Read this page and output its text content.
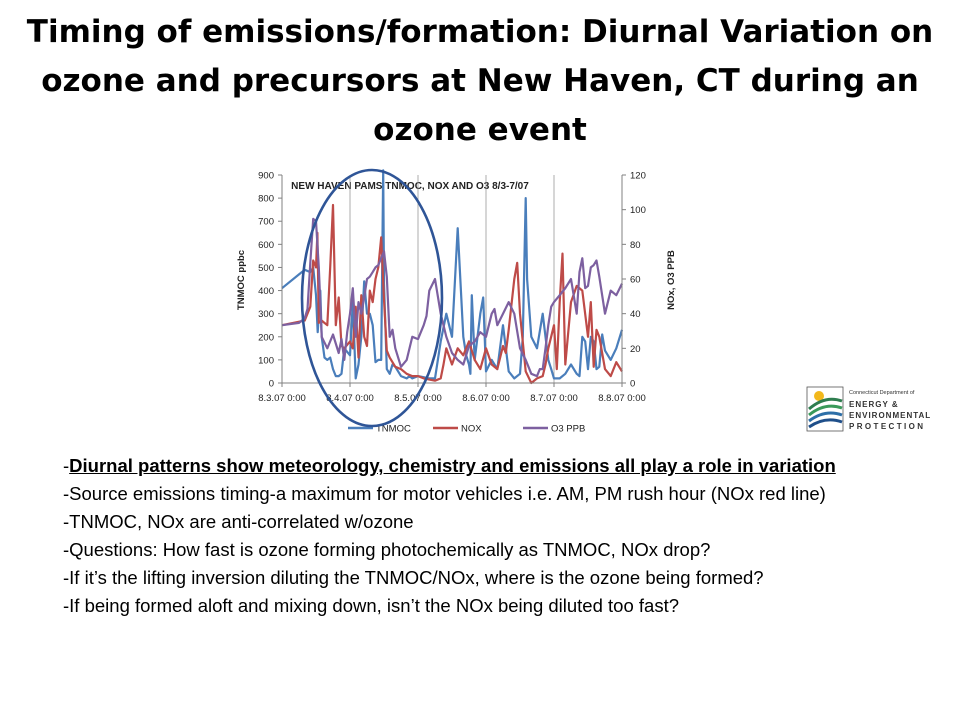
Timing of emissions/formation: Diurnal Variation on ozone and precursors at New Haven, CT during an ozone event
NEW HAVEN PAMS TNMOC, NOX AND O3 8/3-7/07
0
100
200
300
400
500
600
700
800
900
0
20
40
60
80
100
120
8.3.07 0:00 8.4.07 0:00 8.5.07 0:00 8.6.07 0:00 8.7.07 0:00 8.8.07 0:00
TNMOC ppbc	NOx, O3 PPB
TNMOC	NOX	O3 PPB
Connecticut Department of
ENERGY &
ENVIRONMENTAL
PROTECTION
-Diurnal patterns show meteorology, chemistry and emissions all play a role in variation
-Source emissions timing-a maximum for motor vehicles i.e. AM, PM rush hour (NOx red line)
-TNMOC, NOx are anti-correlated w/ozone
-Questions: How fast is ozone forming photochemically as TNMOC, NOx drop?
-If it’s the lifting inversion diluting the TNMOC/NOx, where is the ozone being formed?
-If being formed aloft and mixing down, isn’t the NOx being diluted too fast?
